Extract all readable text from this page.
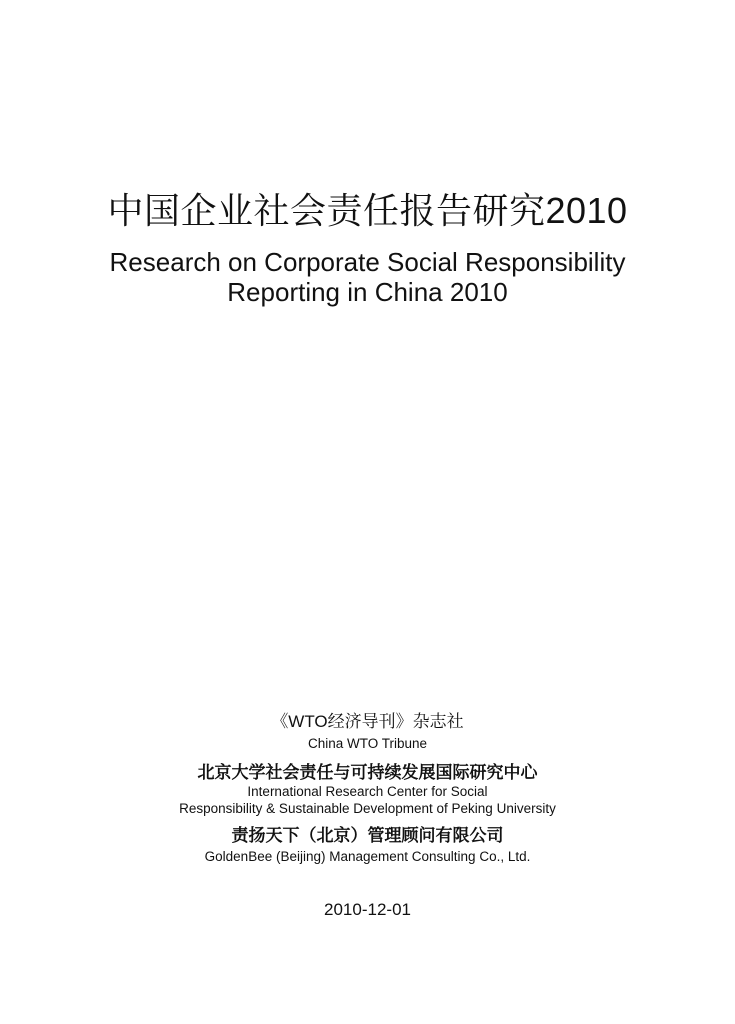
中国企业社会责任报告研究2010
Research on Corporate Social Responsibility
Reporting in China 2010
《WTO经济导刊》杂志社
China WTO Tribune
北京大学社会责任与可持续发展国际研究中心
International Research Center for Social
Responsibility & Sustainable Development of Peking University
责扬天下（北京）管理顾问有限公司
GoldenBee (Beijing) Management Consulting Co., Ltd.
2010-12-01
